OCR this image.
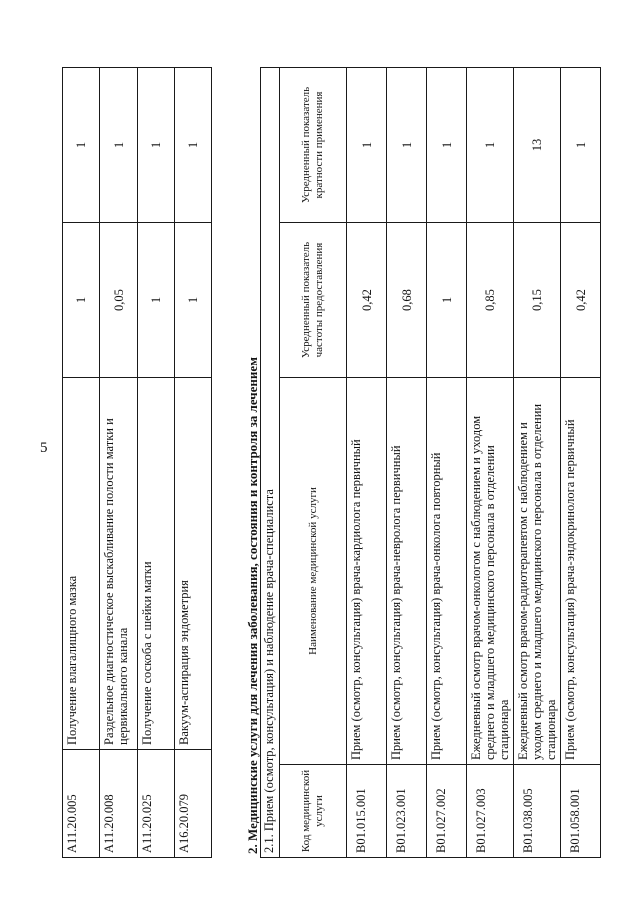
5
A11.20.005	Получение влагалищного мазка	1	1
A11.20.008	Раздельное диагностическое выскабливание полости матки и цервикального канала	0,05	1
A11.20.025	Получение соскоба с шейки матки	1	1
A16.20.079	Вакуум-аспирация эндометрия	1	1
2. Медицинские услуги для лечения заболевания, состояния и контроля за лечением 2.1. Прием (осмотр, консультация) и наблюдение врача-специалиста			
Код медицинской услуги	Наименование медицинской услуги	Усредненный показатель частоты предоставления	Усредненный показатель кратности применения
B01.015.001	Прием (осмотр, консультация) врача-кардиолога первичный	0,42	1
B01.023.001	Прием (осмотр, консультация) врача-невролога первичный	0,68	1
B01.027.002	Прием (осмотр, консультация) врача-онколога повторный	1	1
B01.027.003	Ежедневный осмотр врачом-онкологом с наблюдением и уходом среднего и младшего медицинского персонала в отделении стационара	0,85	1
B01.038.005	Ежедневный осмотр врачом-радиотерапевтом с наблюдением и уходом среднего и младшего медицинского персонала в отделении стационара	0,15	13
B01.058.001	Прием (осмотр, консультация) врача-эндокринолога первичный	0,42	1
